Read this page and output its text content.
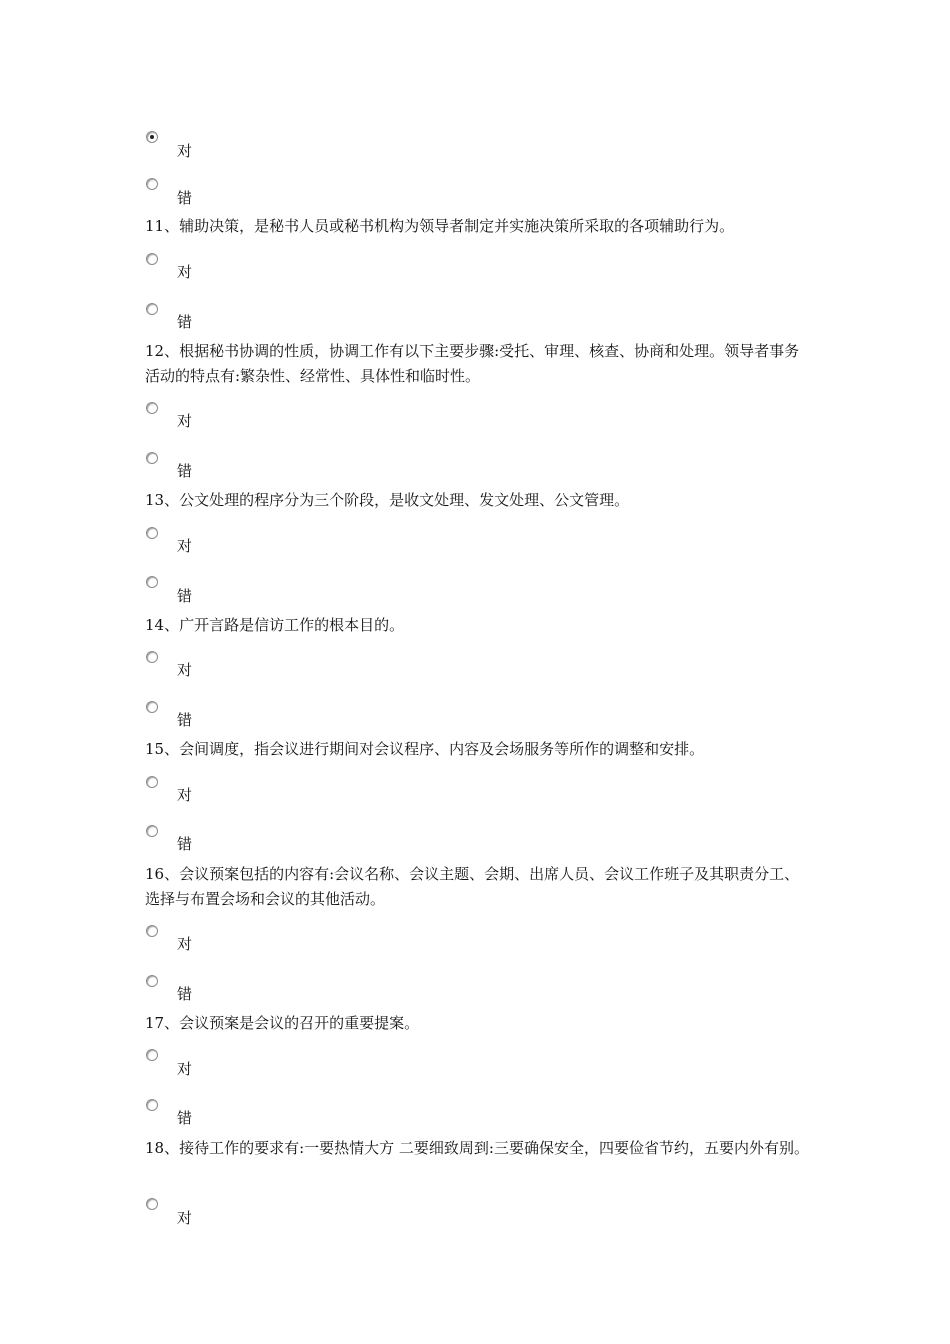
对
错
11、辅助决策，是秘书人员或秘书机构为领导者制定并实施决策所采取的各项辅助行为。
对
错
12、根据秘书协调的性质，协调工作有以下主要步骤:受托、审理、核查、协商和处理。领导者事务活动的特点有:繁杂性、经常性、具体性和临时性。
对
错
13、公文处理的程序分为三个阶段，是收文处理、发文处理、公文管理。
对
错
14、广开言路是信访工作的根本目的。
对
错
15、会间调度，指会议进行期间对会议程序、内容及会场服务等所作的调整和安排。
对
错
16、会议预案包括的内容有:会议名称、会议主题、会期、出席人员、会议工作班子及其职责分工、选择与布置会场和会议的其他活动。
对
错
17、会议预案是会议的召开的重要提案。
对
错
18、接待工作的要求有:一要热情大方 二要细致周到:三要确保安全，四要俭省节约，五要内外有别。
对
